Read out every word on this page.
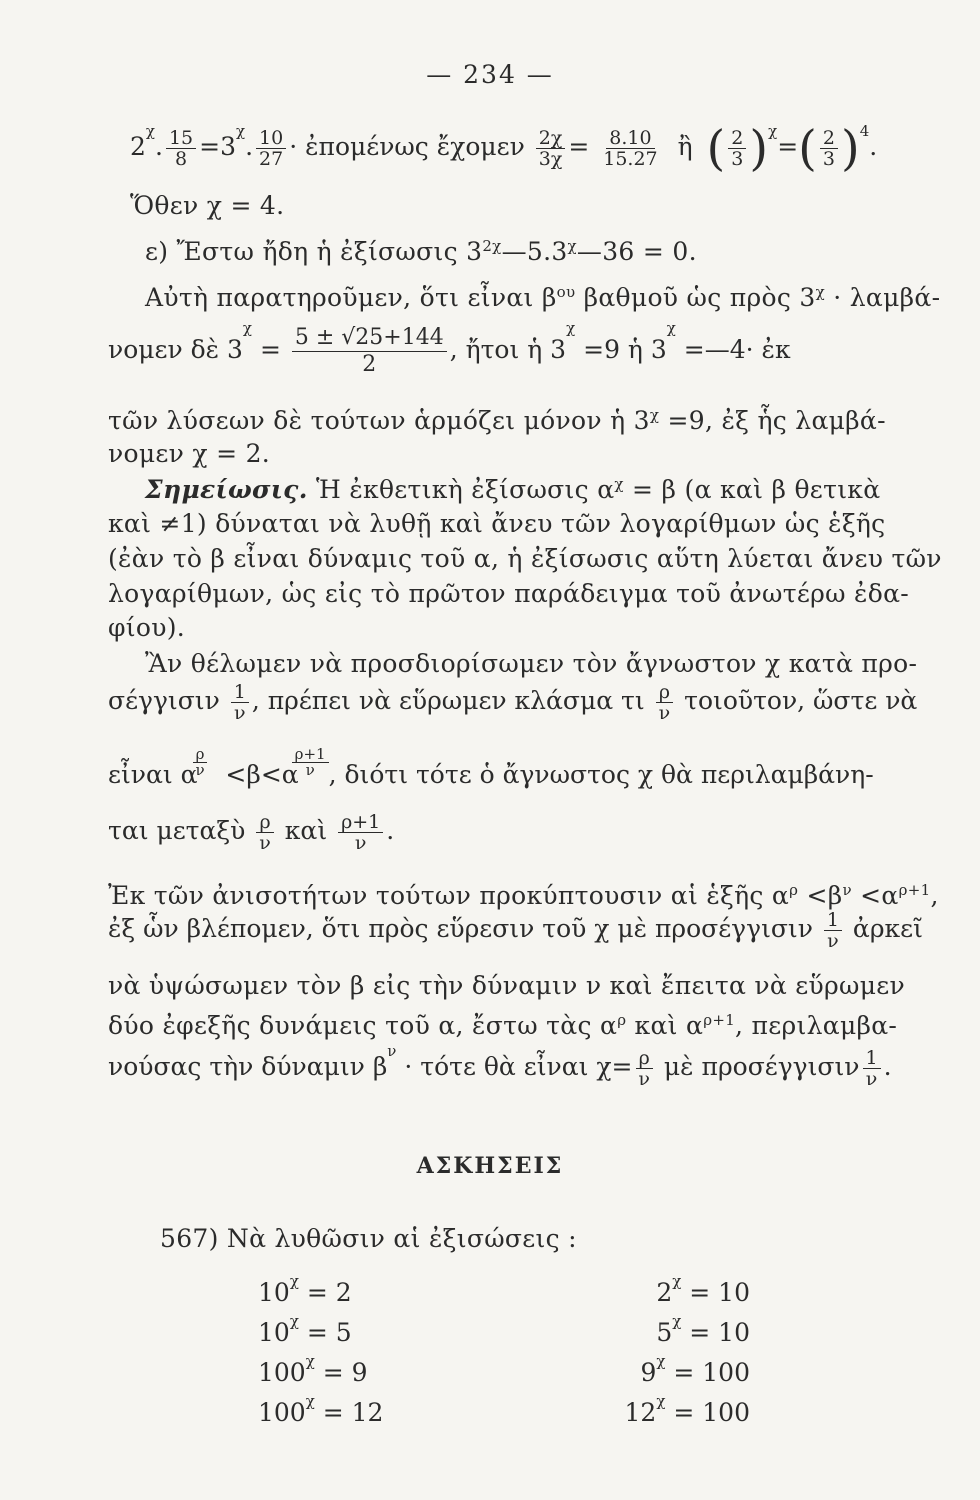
— 234 —
$2^\chi$. $\frac{15}{8} =3^\chi$. $\frac{10}{27}$ · ἐπομένως ἔχομεν $\frac{2\chi}{3\chi} = \frac{8.10}{15.27}$ ἢ ( $\frac{2}{3} )^\chi=( \frac{2}{3} )^4$.
Ὅθεν χ = 4.
ε) Ἔστω ἤδη ἡ ἐξίσωσις $3^{2\chi}—5.3^\chi—36 = 0$.
Αὐτὴ παρατηροῦμεν, ὅτι εἶναι $\beta^{o\upsilon}$ βαθμοῦ ὡς πρὸς $3^\chi \cdot \lambda\alpha\mu\beta ά-$
νομεν δὲ $3^\chi = \frac{5 \pm √25+144}{2}$ , ἤτοι ἡ $3^\chi =9$ ἡ $3^\chi$ =—4· ἐκ
τῶν λύσεων δὲ τούτων ἁρμόζει μόνον ἡ $3^\chi =9$, ἐξ ἧς λαμβά-
νομεν χ = 2.
Σημείωσις. Ἡ ἐκθετικὴ ἐξίσωσις $\alpha^\chi = \beta$ (α καὶ β θετικὰ
καὶ ≠1) δύναται νὰ λυθῇ καὶ ἄνευ τῶν λογαρίθμων ὡς ἑξῆς
(ἐὰν τὸ β εἶναι δύναμις τοῦ α, ἡ ἐξίσωσις αὕτη λύεται ἄνευ τῶν
λογαρίθμων, ὡς εἰς τὸ πρῶτον παράδειγμα τοῦ ἀνωτέρω ἐδα-
φίου).
Ἂν θέλωμεν νὰ προσδιορίσωμεν τὸν ἄγνωστον χ κατὰ προ-
σέγγισιν $\frac{1}{\nu}$ , πρέπει νὰ εὕρωμεν κλάσμα τι $\frac{\rho}{\nu}$ τοιοῦτον, ὥστε νὰ
εἶναι α
$\frac{\rho}{\nu} <\beta<\alpha$
$\frac{\rho+1}{\nu}$
, διότι τότε ὁ ἄγνωστος χ θὰ περιλαμβάνη-
ται μεταξὺ $\frac{\rho}{\nu}$ καὶ $\frac{\rho+1}{\nu}$ .
Ἐκ τῶν ἀνισοτήτων τούτων προκύπτουσιν αἱ ἑξῆς $\alpha^\rho <\beta^\nu <\alpha^{\rho+1}$,
ἐξ ὧν βλέπομεν, ὅτι πρὸς εὕρεσιν τοῦ χ μὲ προσέγγισιν $\frac{1}{\nu}$ ἀρκεῖ
νὰ ὑψώσωμεν τὸν β εἰς τὴν δύναμιν ν καὶ ἔπειτα νὰ εὕρωμεν
δύο ἐφεξῆς δυνάμεις τοῦ α, ἔστω τὰς $\alpha^\rho$ καὶ $\alpha^{\rho+1}$, περιλαμβα-
νούσας τὴν δύναμιν $\beta^\nu \cdot \tau ό\tau\varepsilon$ θὰ εἶναι $\chi= \frac{\rho}{\nu}$ μὲ προσέγγισιν $\frac{1}{\nu}$ .
ΑΣΚΗΣΕΙΣ
567) Νὰ λυθῶσιν αἱ ἐξισώσεις :
$10^\chi = 2$
$10^\chi = 5$
$100^\chi = 9$
$100^\chi = 12$
$2^\chi = 10$
$5^\chi = 10$
$9^\chi = 100$
$12^\chi = 100$
